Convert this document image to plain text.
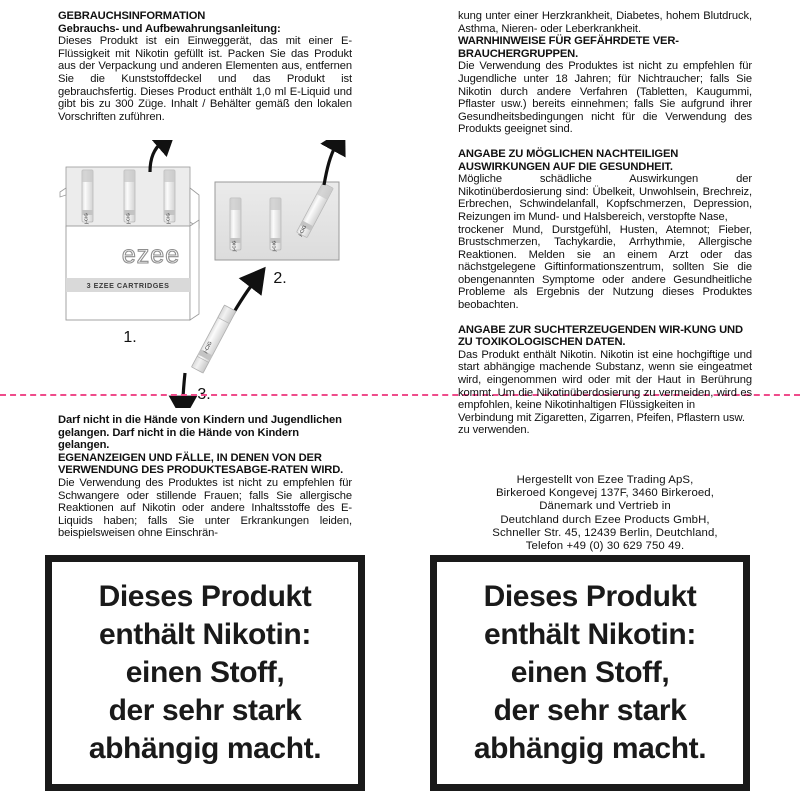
GEBRAUCHSINFORMATION
Gebrauchs- und Aufbewahrungsanleitung:

Dieses Produkt ist ein Einweggerät, das mit einer E-Flüssigkeit mit Nikotin gefüllt ist. Packen Sie das Produkt aus der Verpackung und anderen Elementen aus, entfernen Sie die Kunststoffdeckel und das Produkt ist gebrauchsfertig. Dieses Product enthält 1,0 ml E-Liquid und gibt bis zu 300 Züge. Inhalt / Behälter gemäß den lokalen Vorschriften zuführen.

j-CIG	j-CIG	j-CIG
ezee
3 EZEE CARTRIDGES
1.
j-CIG	j-CIG
j-CIG
2.
j-CIG
3.
Darf nicht in die Hände von Kindern und Jugendlichen gelangen. Darf nicht in die Hände von Kindern gelangen.
EGENANZEIGEN UND FÄLLE, IN DENEN VON DER VERWENDUNG DES PRODUKTESABGE-RATEN WIRD.

Die Verwendung des Produktes ist nicht zu empfehlen für Schwangere oder stillende Frauen; falls Sie allergische Reaktionen auf Nikotin oder andere Inhaltsstoffe des E-Liquids haben; falls Sie unter Erkrankungen leiden, beispielsweisen ohne Einschrän-

kung unter einer Herzkrankheit, Diabetes, hohem Blutdruck, Asthma, Nieren- oder Leberkrankheit.

WARNHINWEISE FÜR GEFÄHRDETE VER-BRAUCHERGRUPPEN.

Die Verwendung des Produktes ist nicht zu empfehlen für Jugendliche unter 18 Jahren; für Nichtraucher; falls Sie Nikotin durch andere Verfahren (Tabletten, Kaugummi, Pflaster usw.) bereits einnehmen; falls Sie aufgrund ihrer Gesundheitsbedingungen nicht für die Verwendung des Produkts geeignet sind.

ANGABE ZU MÖGLICHEN NACHTEILIGEN AUSWIRKUNGEN AUF DIE GESUNDHEIT.

Mögliche schädliche Auswirkungen der Nikotinüberdosierung sind: Übelkeit, Unwohlsein, Brechreiz, Erbrechen, Schwindelanfall, Kopfschmerzen, Depression, Reizungen im Mund- und Halsbereich, verstopfte Nase,

trockener Mund, Durstgefühl, Husten, Atemnot; Fieber, Brustschmerzen, Tachykardie, Arrhythmie, Allergische Reaktionen. Melden sie an einem Arzt oder das nächstgelegene Giftinformationszentrum, sollten Sie die obengenannten Symptome oder andere Gesundheitliche Probleme als Ergebnis der Nutzung dieses Produktes beobachten.

ANGABE ZUR SUCHTERZEUGENDEN WIR-KUNG UND ZU TOXIKOLOGISCHEN DATEN.

Das Produkt enthält Nikotin. Nikotin ist eine hochgiftige und start abhängige machende Substanz, wenn sie eingeatmet wird, eingenommen wird oder mit der Haut in Berührung kommt. Um die Nikotinüberdosierung zu vermeiden, wird es empfohlen, keine Nikotinhaltigen Flüssigkeiten in

Verbindung mit Zigaretten, Zigarren, Pfeifen, Pflastern usw. zu verwenden.

Hergestellt von Ezee Trading ApS,
Birkeroed Kongevej 137F, 3460 Birkeroed,
Dänemark und Vertrieb in
Deutchland durch Ezee Products GmbH,
Schneller Str. 45, 12439 Berlin, Deutchland,
Telefon +49 (0) 30 629 750 49.
Dieses Produkt
enthält Nikotin:
einen Stoff,
der sehr stark
abhängig macht.
Dieses Produkt
enthält Nikotin:
einen Stoff,
der sehr stark
abhängig macht.
